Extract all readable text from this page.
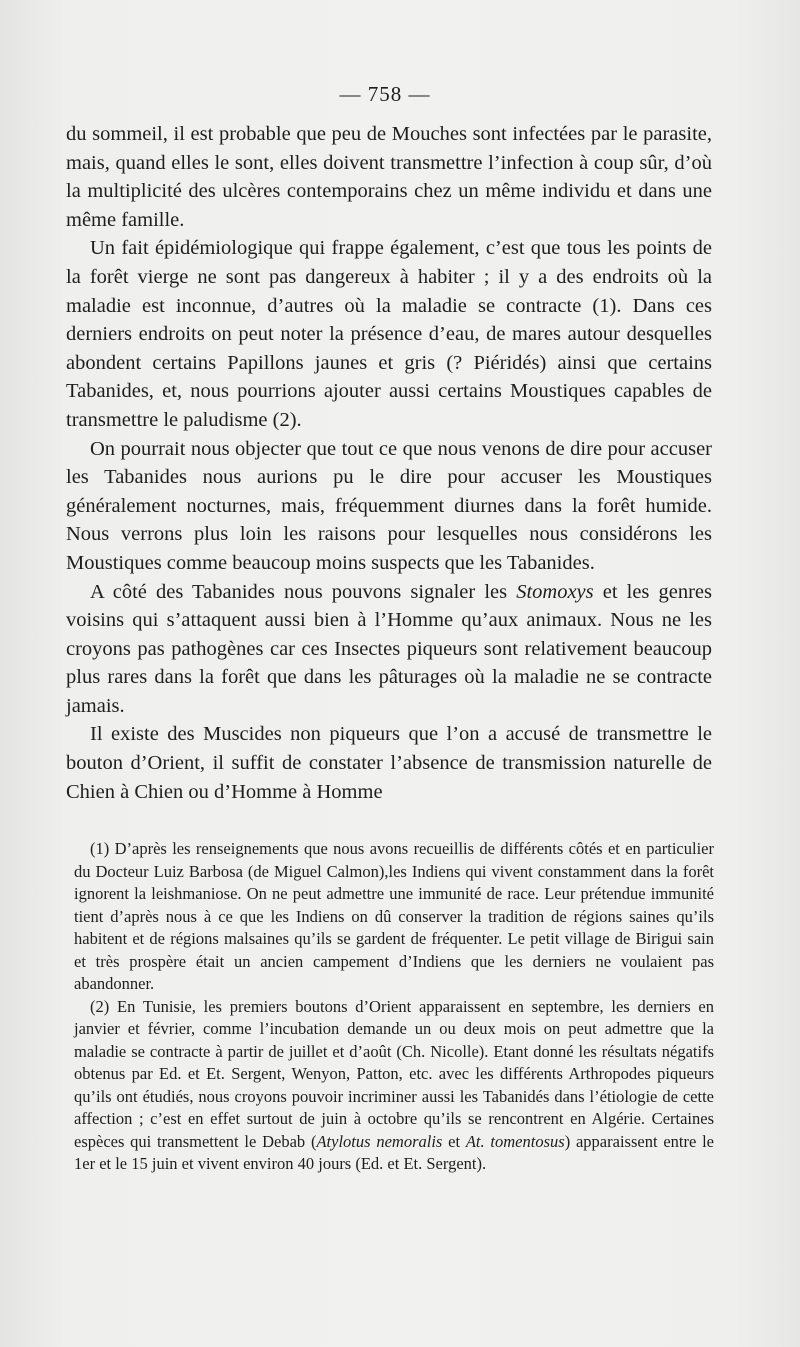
— 758 —

du sommeil, il est probable que peu de Mouches sont infectées par le parasite, mais, quand elles le sont, elles doivent transmettre l’infection à coup sûr, d’où la multiplicité des ulcères contemporains chez un même individu et dans une même famille.

Un fait épidémiologique qui frappe également, c’est que tous les points de la forêt vierge ne sont pas dangereux à habiter ; il y a des endroits où la maladie est inconnue, d’autres où la maladie se contracte (1). Dans ces derniers endroits on peut noter la présence d’eau, de mares autour desquelles abondent certains Papillons jaunes et gris (? Piéridés) ainsi que certains Tabanides, et, nous pourrions ajouter aussi certains Moustiques capables de transmettre le paludisme (2).

On pourrait nous objecter que tout ce que nous venons de dire pour accuser les Tabanides nous aurions pu le dire pour accuser les Moustiques généralement nocturnes, mais, fréquemment diurnes dans la forêt humide. Nous verrons plus loin les raisons pour lesquelles nous considérons les Moustiques comme beaucoup moins suspects que les Tabanides.

A côté des Tabanides nous pouvons signaler les Stomoxys et les genres voisins qui s’attaquent aussi bien à l’Homme qu’aux animaux. Nous ne les croyons pas pathogènes car ces Insectes piqueurs sont relativement beaucoup plus rares dans la forêt que dans les pâturages où la maladie ne se contracte jamais.

Il existe des Muscides non piqueurs que l’on a accusé de transmettre le bouton d’Orient, il suffit de constater l’absence de transmission naturelle de Chien à Chien ou d’Homme à Homme

(1) D’après les renseignements que nous avons recueillis de différents côtés et en particulier du Docteur Luiz Barbosa (de Miguel Calmon),les Indiens qui vivent constamment dans la forêt ignorent la leishmaniose. On ne peut admettre une immunité de race. Leur prétendue immunité tient d’après nous à ce que les Indiens on dû conserver la tradition de régions saines qu’ils habitent et de régions malsaines qu’ils se gardent de fréquenter. Le petit village de Birigui sain et très prospère était un ancien campement d’Indiens que les derniers ne voulaient pas abandonner.

(2) En Tunisie, les premiers boutons d’Orient apparaissent en septembre, les derniers en janvier et février, comme l’incubation demande un ou deux mois on peut admettre que la maladie se contracte à partir de juillet et d’août (Ch. Nicolle). Etant donné les résultats négatifs obtenus par Ed. et Et. Sergent, Wenyon, Patton, etc. avec les différents Arthropodes piqueurs qu’ils ont étudiés, nous croyons pouvoir incriminer aussi les Tabanidés dans l’étiologie de cette affection ; c’est en effet surtout de juin à octobre qu’ils se rencontrent en Algérie. Certaines espèces qui transmettent le Debab (Atylotus nemoralis et At. tomentosus) apparaissent entre le 1er et le 15 juin et vivent environ 40 jours (Ed. et Et. Sergent).
